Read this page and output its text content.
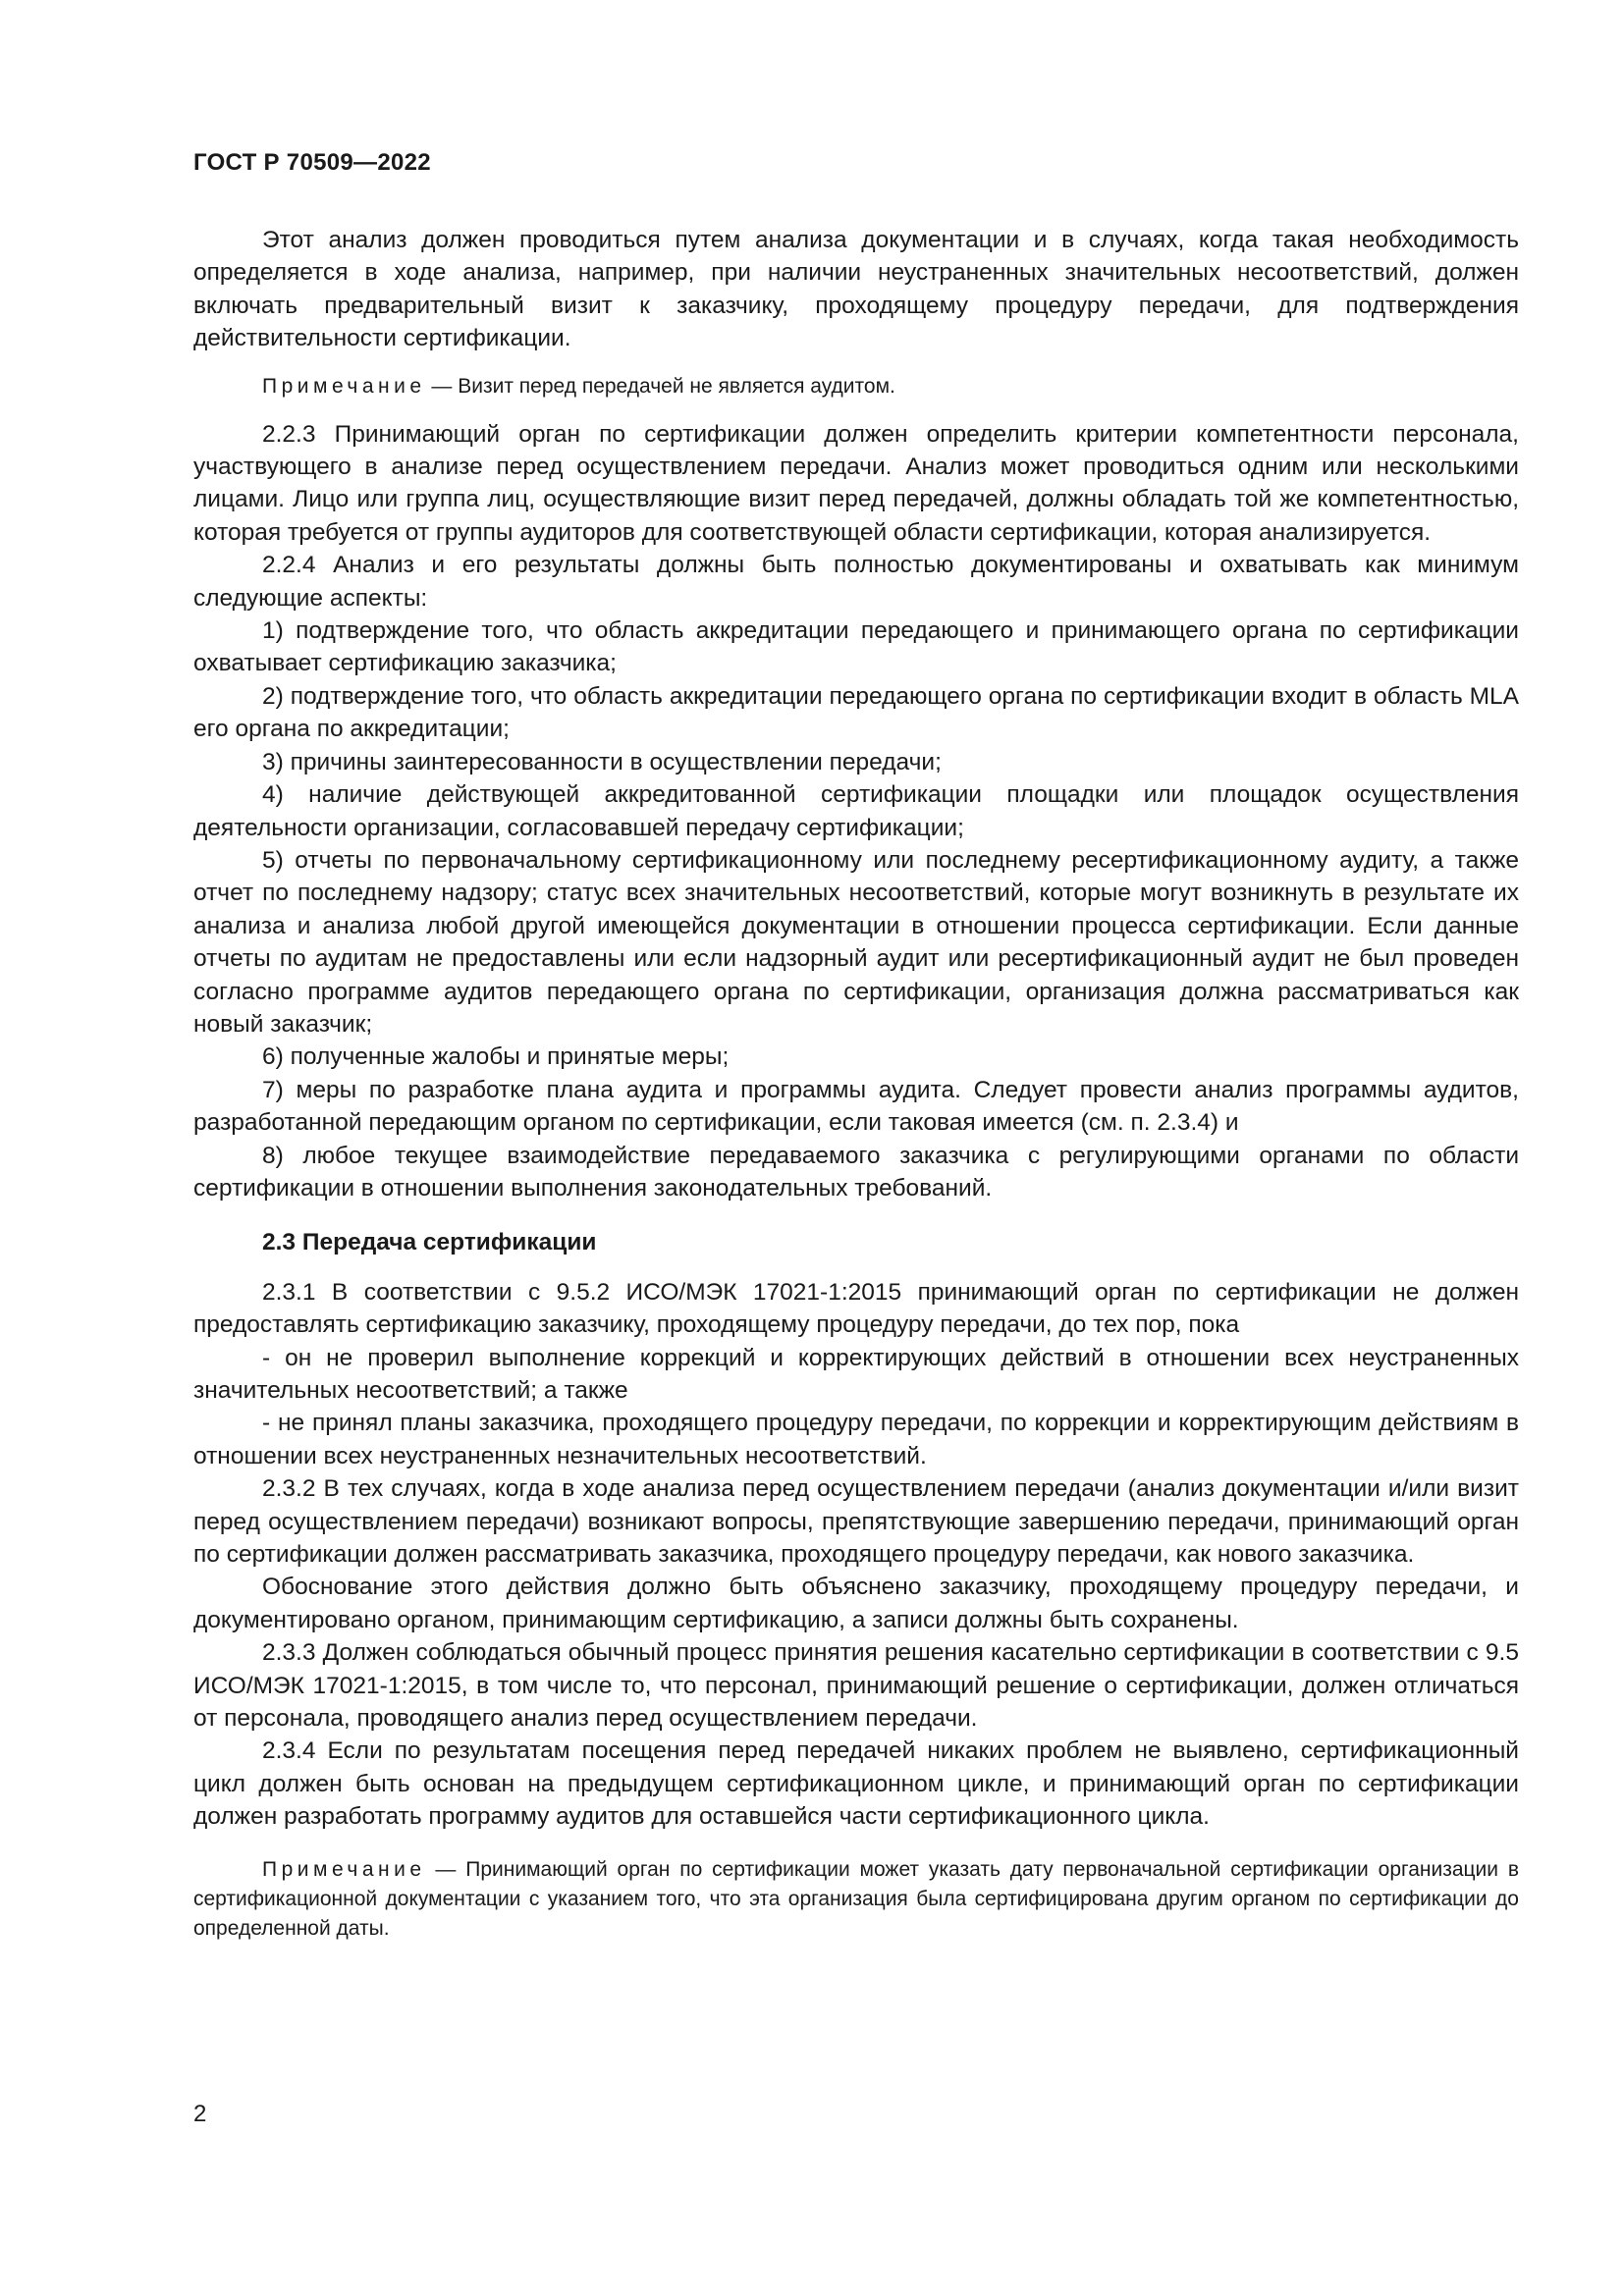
ГОСТ Р 70509—2022

Этот анализ должен проводиться путем анализа документации и в случаях, когда такая необходимость определяется в ходе анализа, например, при наличии неустраненных значительных несоответствий, должен включать предварительный визит к заказчику, проходящему процедуру передачи, для подтверждения действительности сертификации.

Примечание — Визит перед передачей не является аудитом.

2.2.3 Принимающий орган по сертификации должен определить критерии компетентности персонала, участвующего в анализе перед осуществлением передачи. Анализ может проводиться одним или несколькими лицами. Лицо или группа лиц, осуществляющие визит перед передачей, должны обладать той же компетентностью, которая требуется от группы аудиторов для соответствующей области сертификации, которая анализируется.

2.2.4 Анализ и его результаты должны быть полностью документированы и охватывать как минимум следующие аспекты:

1) подтверждение того, что область аккредитации передающего и принимающего органа по сертификации охватывает сертификацию заказчика;

2) подтверждение того, что область аккредитации передающего органа по сертификации входит в область MLA его органа по аккредитации;

3) причины заинтересованности в осуществлении передачи;

4) наличие действующей аккредитованной сертификации площадки или площадок осуществления деятельности организации, согласовавшей передачу сертификации;

5) отчеты по первоначальному сертификационному или последнему ресертификационному аудиту, а также отчет по последнему надзору; статус всех значительных несоответствий, которые могут возникнуть в результате их анализа и анализа любой другой имеющейся документации в отношении процесса сертификации. Если данные отчеты по аудитам не предоставлены или если надзорный аудит или ресертификационный аудит не был проведен согласно программе аудитов передающего органа по сертификации, организация должна рассматриваться как новый заказчик;

6) полученные жалобы и принятые меры;

7) меры по разработке плана аудита и программы аудита. Следует провести анализ программы аудитов, разработанной передающим органом по сертификации, если таковая имеется (см. п. 2.3.4) и

8) любое текущее взаимодействие передаваемого заказчика с регулирующими органами по области сертификации в отношении выполнения законодательных требований.

2.3 Передача сертификации

2.3.1 В соответствии с 9.5.2 ИСО/МЭК 17021-1:2015 принимающий орган по сертификации не должен предоставлять сертификацию заказчику, проходящему процедуру передачи, до тех пор, пока

- он не проверил выполнение коррекций и корректирующих действий в отношении всех неустраненных значительных несоответствий; а также

- не принял планы заказчика, проходящего процедуру передачи, по коррекции и корректирующим действиям в отношении всех неустраненных незначительных несоответствий.

2.3.2 В тех случаях, когда в ходе анализа перед осуществлением передачи (анализ документации и/или визит перед осуществлением передачи) возникают вопросы, препятствующие завершению передачи, принимающий орган по сертификации должен рассматривать заказчика, проходящего процедуру передачи, как нового заказчика.

Обоснование этого действия должно быть объяснено заказчику, проходящему процедуру передачи, и документировано органом, принимающим сертификацию, а записи должны быть сохранены.

2.3.3 Должен соблюдаться обычный процесс принятия решения касательно сертификации в соответствии с 9.5 ИСО/МЭК 17021-1:2015, в том числе то, что персонал, принимающий решение о сертификации, должен отличаться от персонала, проводящего анализ перед осуществлением передачи.

2.3.4 Если по результатам посещения перед передачей никаких проблем не выявлено, сертификационный цикл должен быть основан на предыдущем сертификационном цикле, и принимающий орган по сертификации должен разработать программу аудитов для оставшейся части сертификационного цикла.

Примечание — Принимающий орган по сертификации может указать дату первоначальной сертификации организации в сертификационной документации с указанием того, что эта организация была сертифицирована другим органом по сертификации до определенной даты.

2
